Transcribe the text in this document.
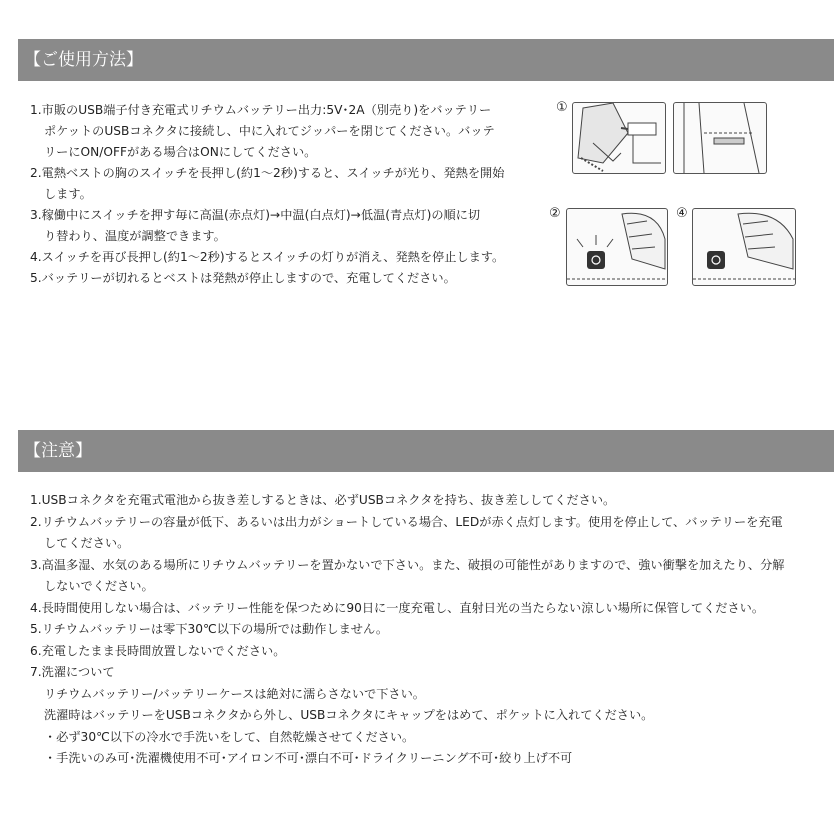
【ご使用方法】
1.市販のUSB端子付き充電式リチウムバッテリー出力:5V･2A（別売り)をバッテリー
ポケットのUSBコネクタに接続し、中に入れてジッパーを閉じてください。バッテ
リーにON/OFFがある場合はONにしてください。
2.電熱ベストの胸のスイッチを長押し(約1～2秒)すると、スイッチが光り、発熱を開始
します。
3.稼働中にスイッチを押す毎に高温(赤点灯)→中温(白点灯)→低温(青点灯)の順に切
り替わり、温度が調整できます。
4.スイッチを再び長押し(約1～2秒)するとスイッチの灯りが消え、発熱を停止します。
5.バッテリーが切れるとベストは発熱が停止しますので、充電してください。
①
②	④
【注意】
1.USBコネクタを充電式電池から抜き差しするときは、必ずUSBコネクタを持ち、抜き差ししてください。
2.リチウムバッテリーの容量が低下、あるいは出力がショートしている場合、LEDが赤く点灯します。使用を停止して、バッテリーを充電
してください。
3.高温多湿、水気のある場所にリチウムバッテリーを置かないで下さい。また、破損の可能性がありますので、強い衝撃を加えたり、分解
しないでください。
4.長時間使用しない場合は、バッテリー性能を保つために90日に一度充電し、直射日光の当たらない涼しい場所に保管してください。
5.リチウムバッテリーは零下30℃以下の場所では動作しません。
6.充電したまま長時間放置しないでください。
7.洗濯について
リチウムバッテリー/バッテリーケースは絶対に濡らさないで下さい。
洗濯時はバッテリーをUSBコネクタから外し、USBコネクタにキャップをはめて、ポケットに入れてください。
・必ず30℃以下の冷水で手洗いをして、自然乾燥させてください。
・手洗いのみ可･洗濯機使用不可･アイロン不可･漂白不可･ドライクリーニング不可･絞り上げ不可
